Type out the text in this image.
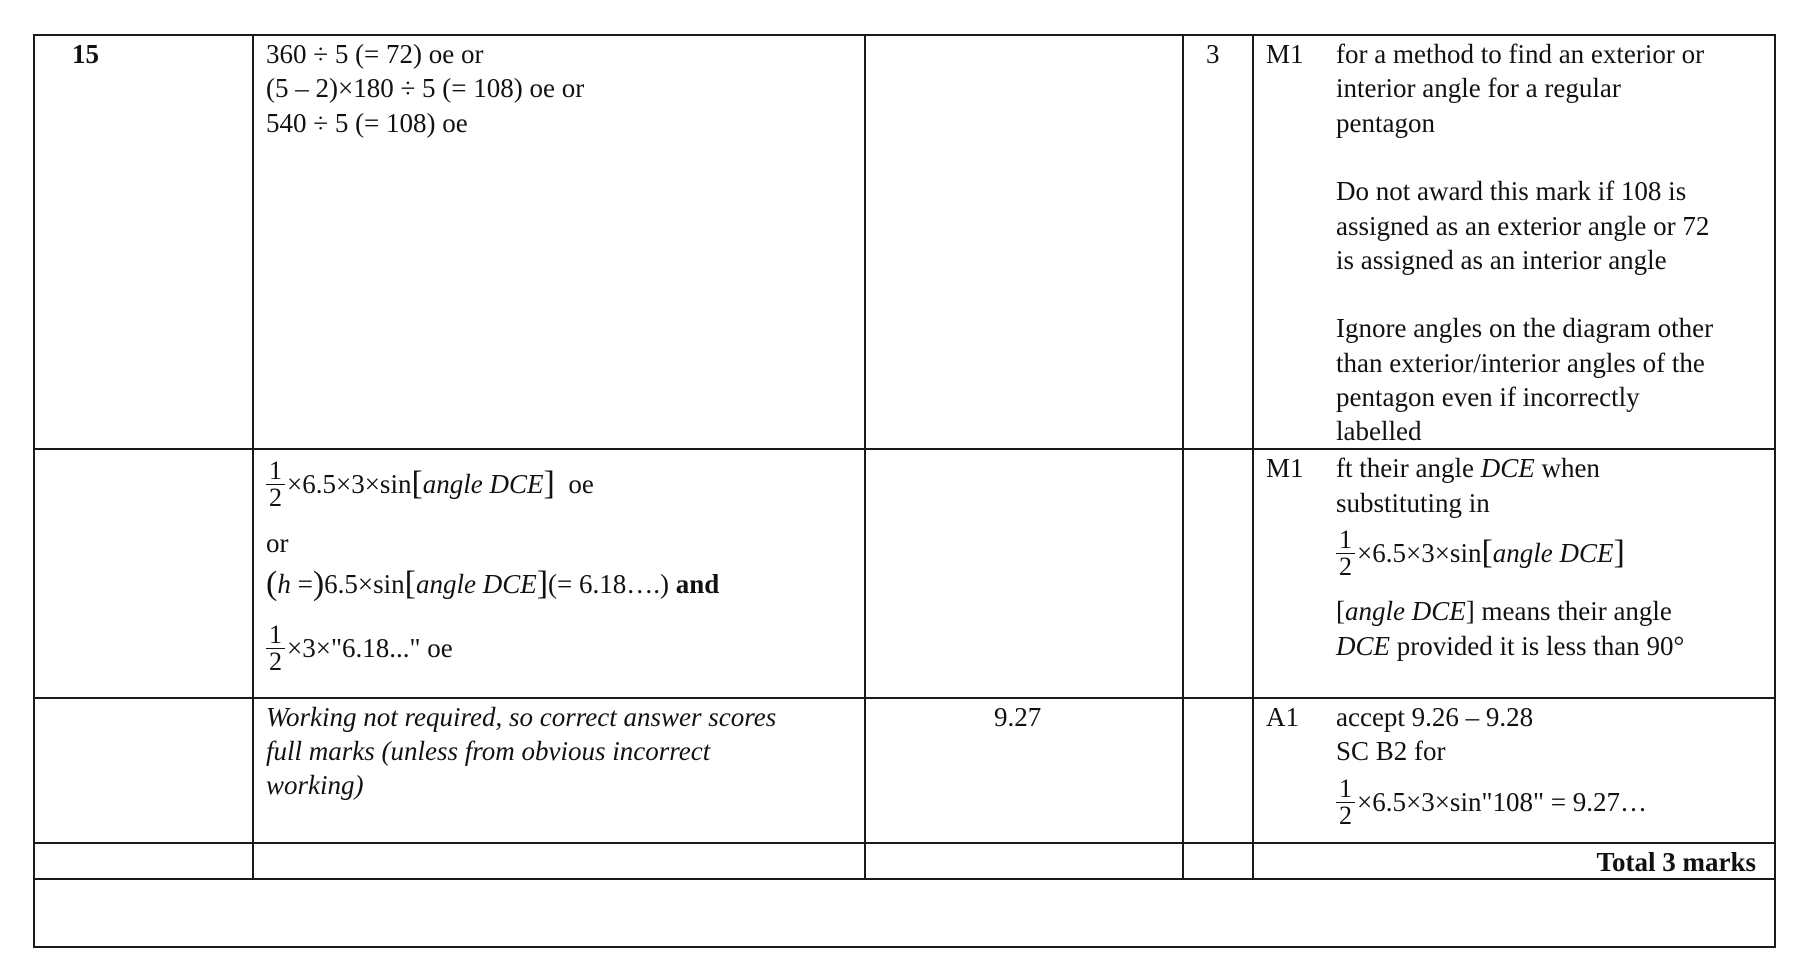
15	360 ÷ 5 (= 72) oe or
(5 – 2)×180 ÷ 5 (= 108) oe or
540 ÷ 5 (= 108) oe
3 M1 for a method to find an exterior or
interior angle for a regular
pentagon
Do not award this mark if 108 is
assigned as an exterior angle or 72
is assigned as an interior angle
Ignore angles on the diagram other
than exterior/interior angles of the
pentagon even if incorrectly
labelled
$\frac{1}{2} \times 6.5\times 3\times\sin$ [ angle DCE ]
oe
or
( h
= ) 6.5×sin [ angle DCE ] (= 6.18….)
and
$\frac{1}{2}$ ×3×"6.18..."
oe
M1 ft their angle DCE when
substituting in
$\frac{1}{2} \times 6.5\times 3\times\sin$ [ angle DCE ]
[angle DCE] means their angle
DCE provided it is less than 90°
Working not required, so correct answer scores
full marks (unless from obvious incorrect
working)
9.27	A1 accept 9.26 – 9.28
SC B2 for
$\frac{1}{2}$ ×6.5×3×sin"108" = 9.27…
Total 3 marks
